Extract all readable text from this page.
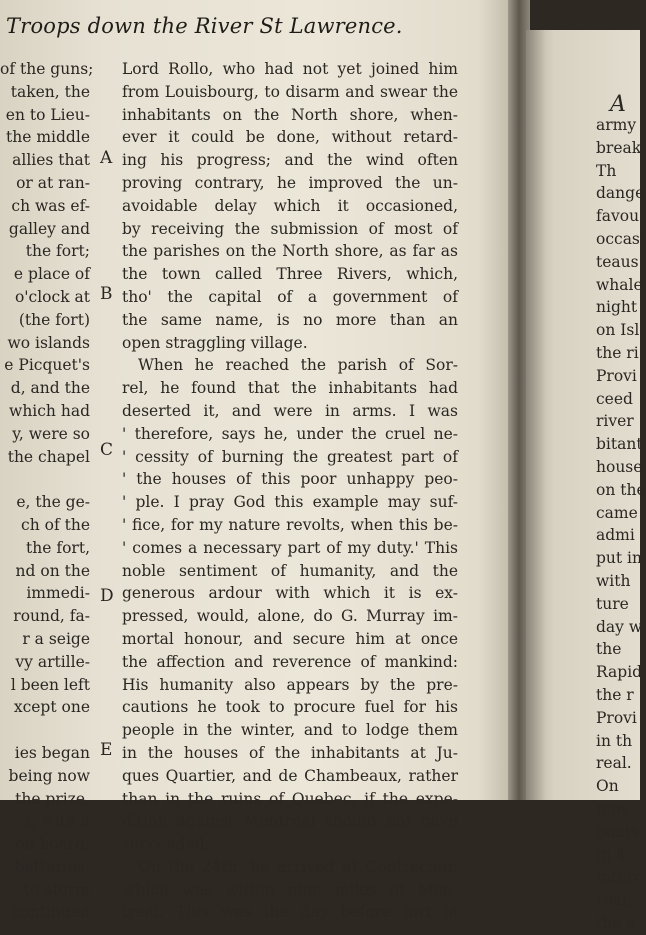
Troops down the River St Lawrence.
of the guns;
taken, the
en to Lieu-
the middle
allies that
or at ran-
ch was ef-
galley and
the fort;
e place of
o'clock at
(the fort)
wo islands
e Picquet's
d, and the
which had
y, were so
the chapel
e, the ge-
ch of the
the fort,
nd on the
immedi-
round, fa-
r a seige
vy artille-
l been left
xcept one
ies began
being now
the prize,
t, with a
on board,
batteries;
to storm
continued
Lord Rollo, who had not yet joined him
from Louisbourg, to disarm and swear the
inhabitants on the North shore, when-
ever it could be done, without retard-
ing his progress; and the wind often
proving contrary, he improved the un-
avoidable delay which it occasioned,
by receiving the submission of most of
the parishes on the North shore, as far as
the town called Three Rivers, which,
tho' the capital of a government of
the same name, is no more than an
open straggling village.
When he reached the parish of Sor-
rel, he found that the inhabitants had
deserted it, and were in arms. I was
' therefore, says he, under the cruel ne-
' cessity of burning the greatest part of
' the houses of this poor unhappy peo-
' ple. I pray God this example may suf-
' fice, for my nature revolts, when this be-
' comes a necessary part of my duty.' This
noble sentiment of humanity, and the
generous ardour with which it is ex-
pressed, would, alone, do G. Murray im-
mortal honour, and secure him at once
the affection and reverence of mankind:
His humanity also appears by the pre-
cautions he took to procure fuel for his
people in the winter, and to lodge them
in the houses of the inhabitants at Ju-
ques Quartier, and de Chambeaux, rather
than in the ruins of Quebec, if the expe-
dition against Montreal should not have
succeeded.
On the 24th, he arrived at Contrecaur,
which was within nine miles of Mon-
treal. This was the day before fort la
A
B
C
D
E
A
army
break
Th
dange
favou
occasi
teaus
whale
night
on Isl
the ri
Provi
ceed
river
bitant
house
on the
came
admi
put in
with
ture
day w
the
Rapid
the r
Provi
in th
real.
On
now
boats
in 4
interc
real,
the s
